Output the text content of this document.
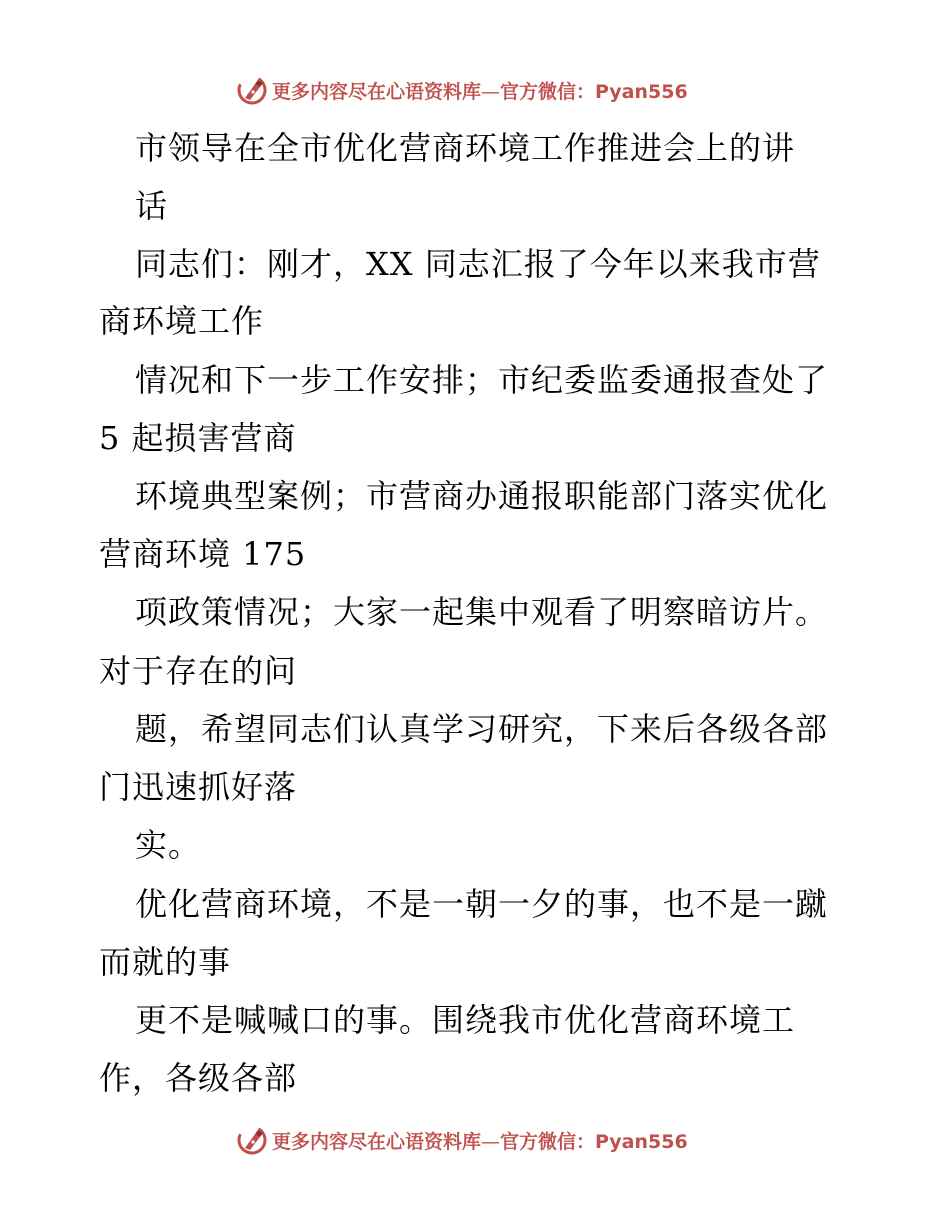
更多内容尽在心语资料库—官方微信：Pyan556
市领导在全市优化营商环境工作推进会上的讲
话
同志们：刚才，XX 同志汇报了今年以来我市营
商环境工作
情况和下一步工作安排；市纪委监委通报查处了
5 起损害营商
环境典型案例；市营商办通报职能部门落实优化
营商环境 175
项政策情况；大家一起集中观看了明察暗访片。
对于存在的问
题，希望同志们认真学习研究，下来后各级各部
门迅速抓好落
实。
优化营商环境，不是一朝一夕的事，也不是一蹴
而就的事
更不是喊喊口的事。围绕我市优化营商环境工
作，各级各部
更多内容尽在心语资料库—官方微信：Pyan556
